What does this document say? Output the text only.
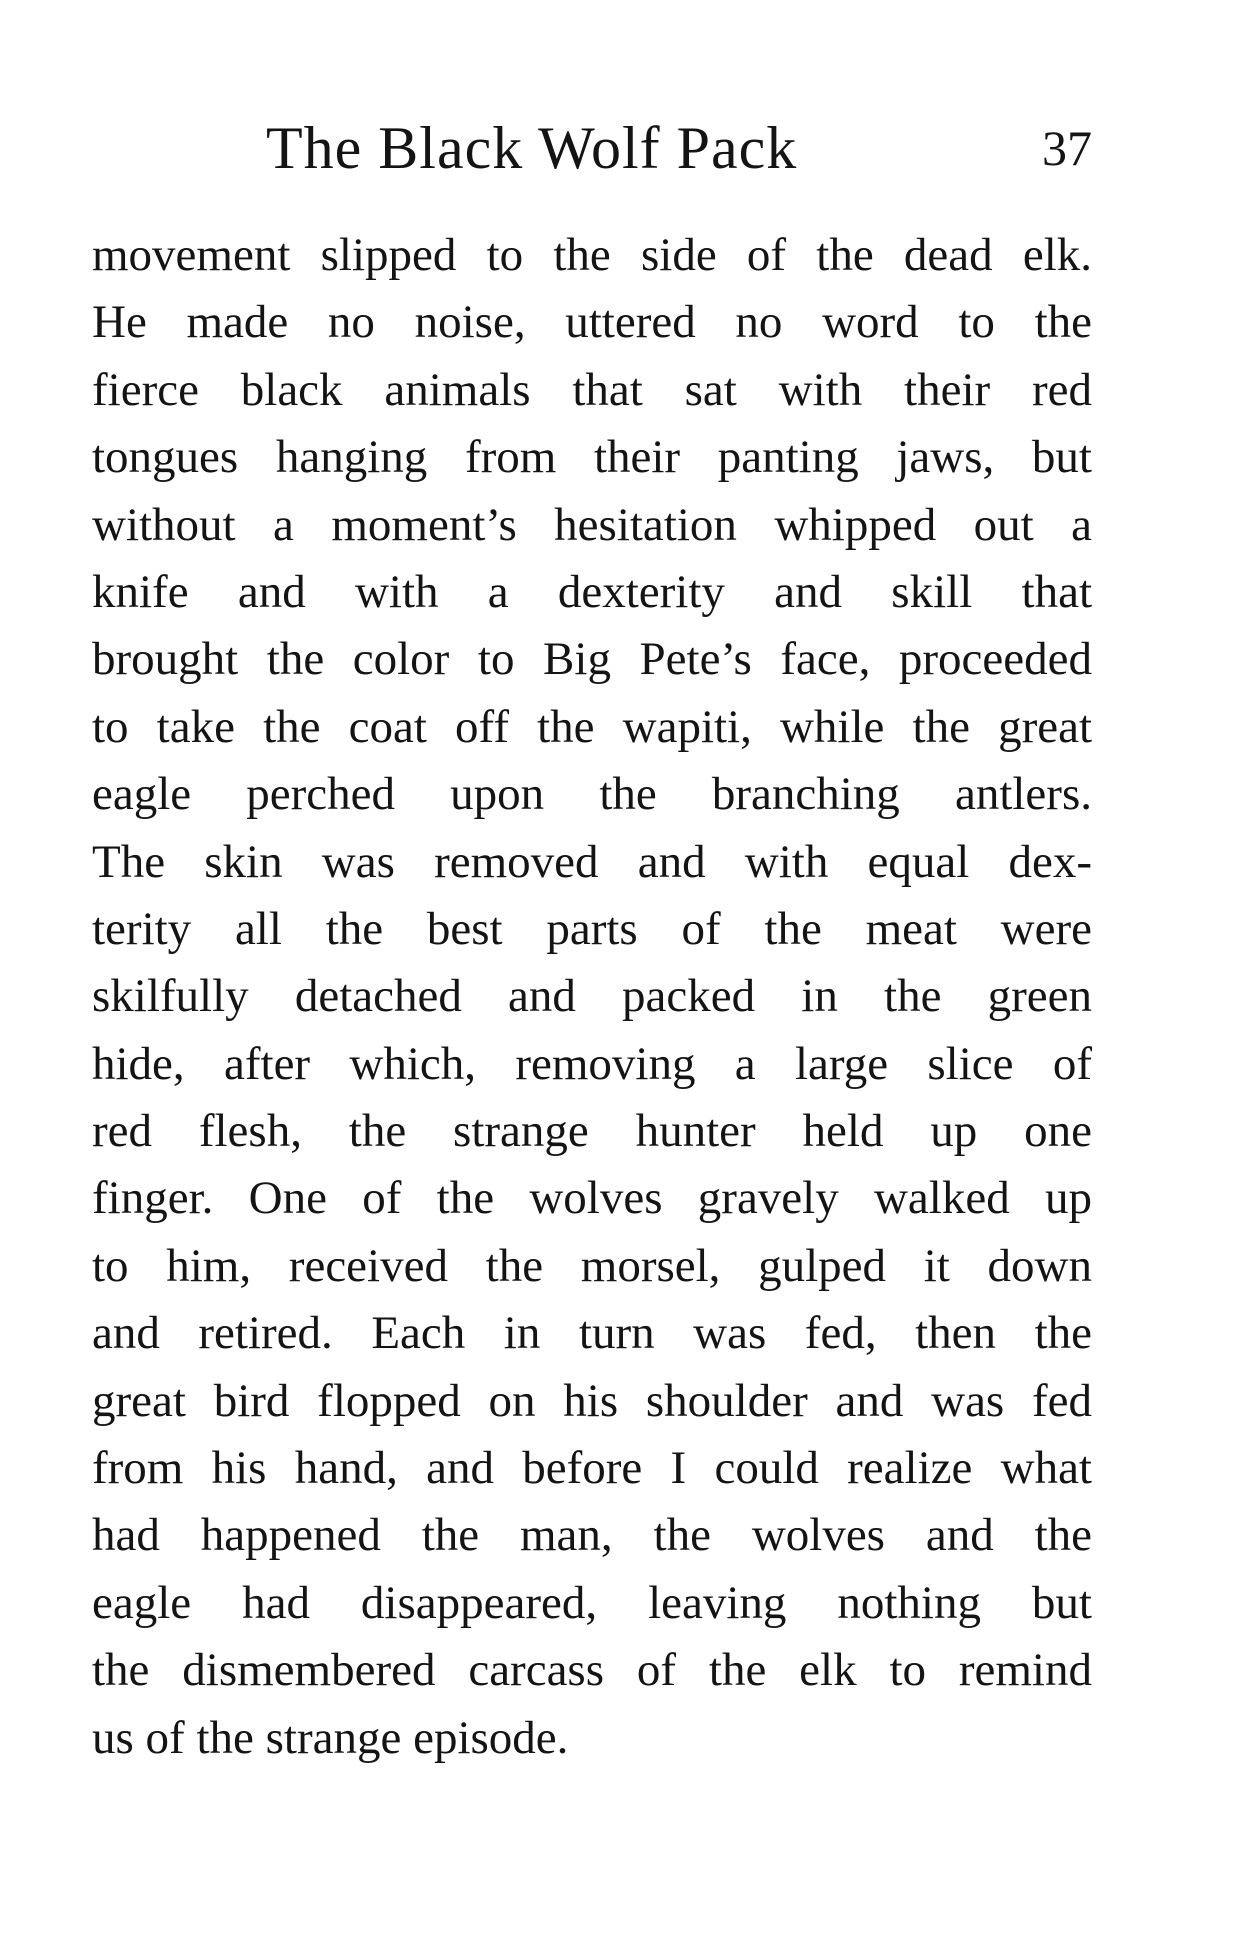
The Black Wolf Pack	37
movement slipped to the side of the dead elk.
He made no noise, uttered no word to the
fierce black animals that sat with their red
tongues hanging from their panting jaws, but
without a moment’s hesitation whipped out a
knife and with a dexterity and skill that
brought the color to Big Pete’s face, proceeded
to take the coat off the wapiti, while the great
eagle perched upon the branching antlers.
The skin was removed and with equal dex-
terity all the best parts of the meat were
skilfully detached and packed in the green
hide, after which, removing a large slice of
red flesh, the strange hunter held up one
finger. One of the wolves gravely walked up
to him, received the morsel, gulped it down
and retired. Each in turn was fed, then the
great bird flopped on his shoulder and was fed
from his hand, and before I could realize what
had happened the man, the wolves and the
eagle had disappeared, leaving nothing but
the dismembered carcass of the elk to remind
us of the strange episode.
